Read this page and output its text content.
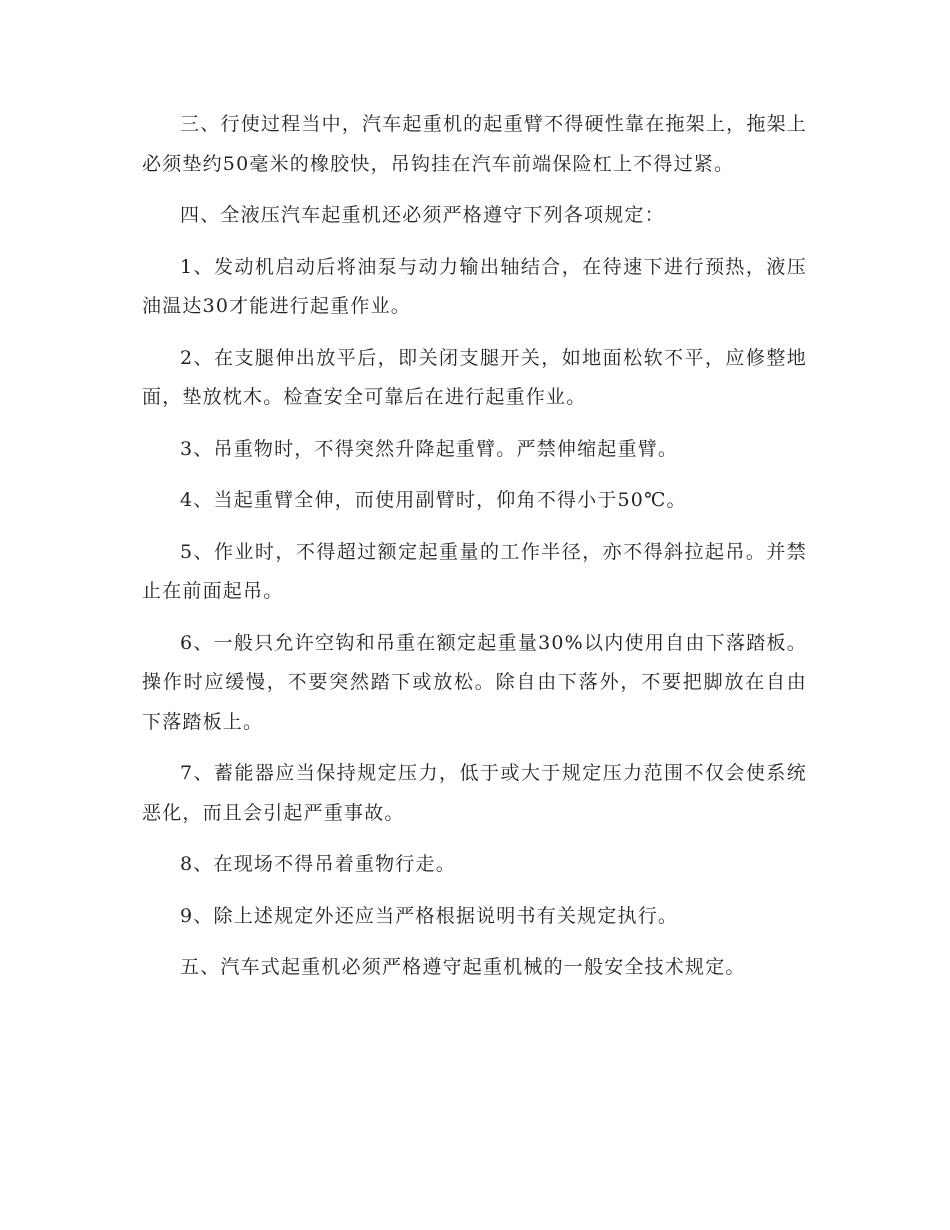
三、行使过程当中，汽车起重机的起重臂不得硬性靠在拖架上，拖架上必须垫约50毫米的橡胶快，吊钩挂在汽车前端保险杠上不得过紧。

四、全液压汽车起重机还必须严格遵守下列各项规定：

1、发动机启动后将油泵与动力输出轴结合，在待速下进行预热，液压油温达30才能进行起重作业。

2、在支腿伸出放平后，即关闭支腿开关，如地面松软不平，应修整地面，垫放枕木。检查安全可靠后在进行起重作业。

3、吊重物时，不得突然升降起重臂。严禁伸缩起重臂。

4、当起重臂全伸，而使用副臂时，仰角不得小于50℃。

5、作业时，不得超过额定起重量的工作半径，亦不得斜拉起吊。并禁止在前面起吊。

6、一般只允许空钩和吊重在额定起重量30%以内使用自由下落踏板。操作时应缓慢，不要突然踏下或放松。除自由下落外，不要把脚放在自由下落踏板上。

7、蓄能器应当保持规定压力，低于或大于规定压力范围不仅会使系统恶化，而且会引起严重事故。

8、在现场不得吊着重物行走。

9、除上述规定外还应当严格根据说明书有关规定执行。

五、汽车式起重机必须严格遵守起重机械的一般安全技术规定。
